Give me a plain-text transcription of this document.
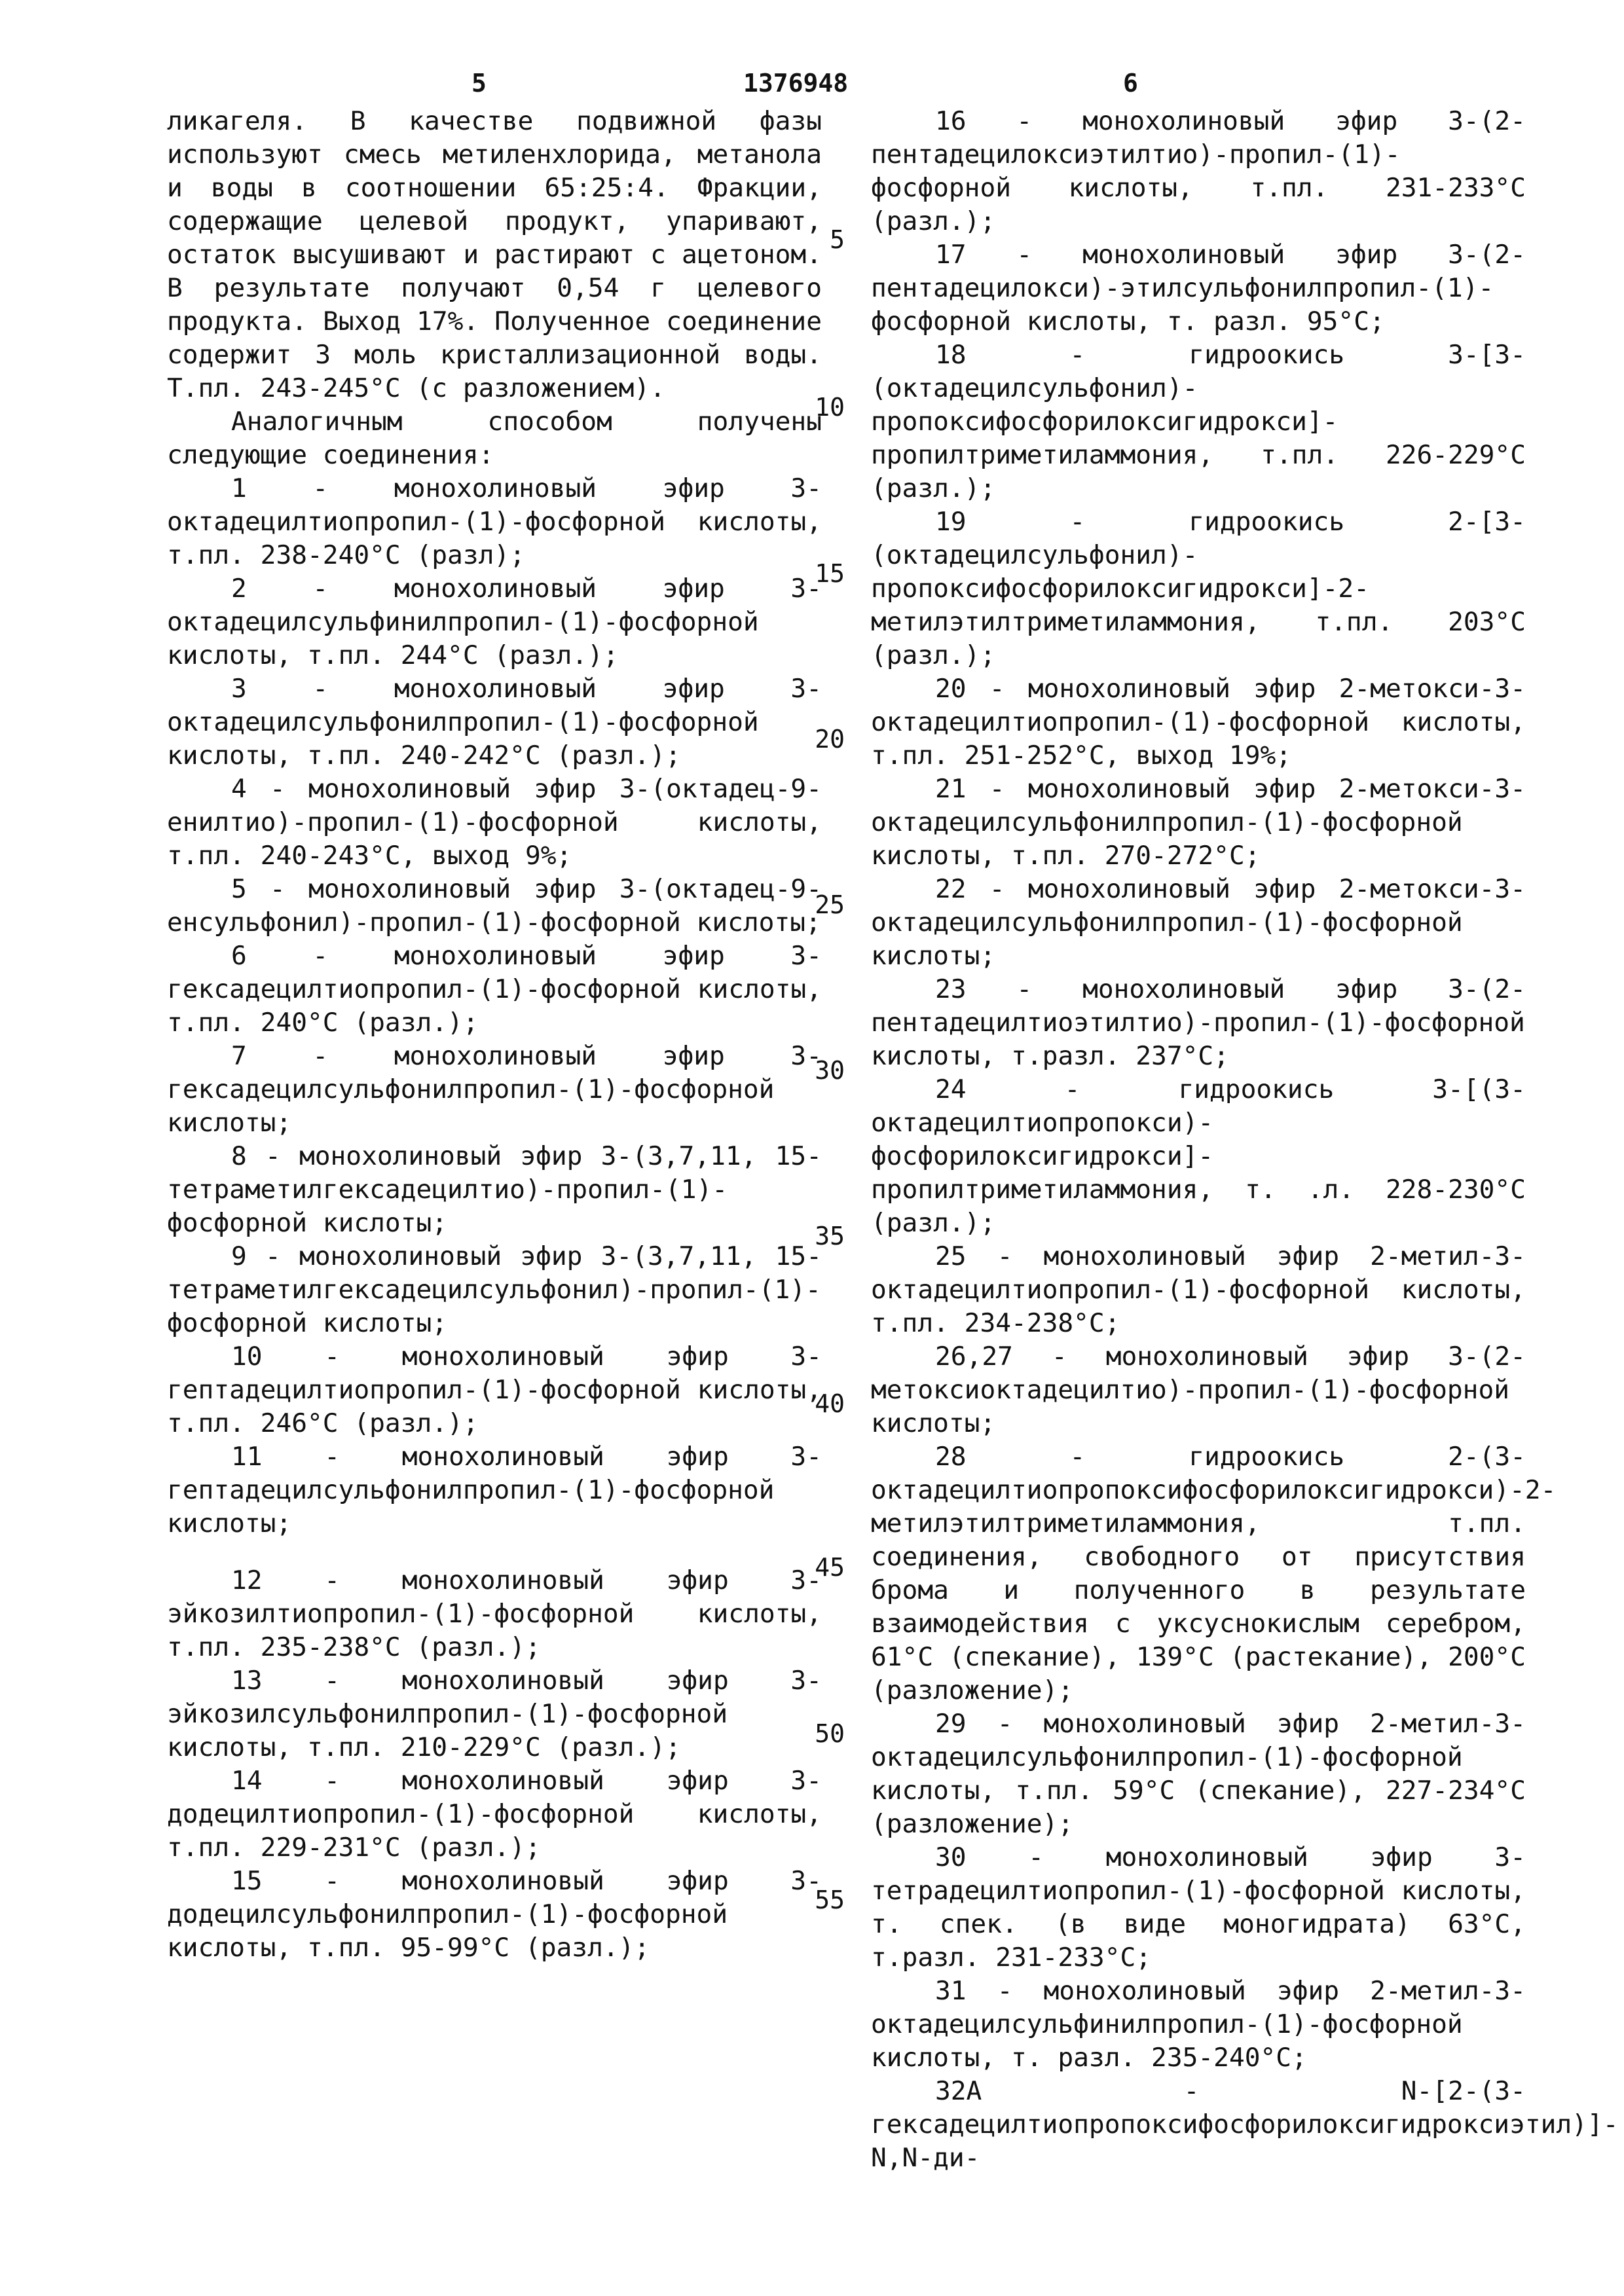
5	1376948	6

ликагеля. В качестве подвижной фазы используют смесь метиленхлорида, метанола и воды в соотношении 65:25:4. Фракции, содержащие целевой продукт, упаривают, остаток высушивают и растирают с ацетоном. В результате получают 0,54 г целевого продукта. Выход 17%. Полученное соединение содержит 3 моль кристаллизационной воды. Т.пл. 243-245°С (с разложением).

Аналогичным способом получены следующие соединения:

1 - монохолиновый эфир 3-октадецилтиопропил-(1)-фосфорной кислоты, т.пл. 238-240°С (разл);

2 - монохолиновый эфир 3-октадецилсульфинилпропил-(1)-фосфорной кислоты, т.пл. 244°С (разл.);

3 - монохолиновый эфир 3-октадецилсульфонилпропил-(1)-фосфорной кислоты, т.пл. 240-242°С (разл.);

4 - монохолиновый эфир 3-(октадец-9-енилтио)-пропил-(1)-фосфорной кислоты, т.пл. 240-243°С, выход 9%;

5 - монохолиновый эфир 3-(октадец-9-енсульфонил)-пропил-(1)-фосфорной кислоты;

6 - монохолиновый эфир 3-гексадецилтиопропил-(1)-фосфорной кислоты, т.пл. 240°С (разл.);

7 - монохолиновый эфир 3-гексадецилсульфонилпропил-(1)-фосфорной кислоты;

8 - монохолиновый эфир 3-(3,7,11, 15-тетраметилгексадецилтио)-пропил-(1)-фосфорной кислоты;

9 - монохолиновый эфир 3-(3,7,11, 15-тетраметилгексадецилсульфонил)-пропил-(1)-фосфорной кислоты;

10 - монохолиновый эфир 3-гептадецилтиопропил-(1)-фосфорной кислоты, т.пл. 246°С (разл.);

11 - монохолиновый эфир 3-гептадецилсульфонилпропил-(1)-фосфорной кислоты;

12 - монохолиновый эфир 3-эйкозилтиопропил-(1)-фосфорной кислоты, т.пл. 235-238°С (разл.);

13 - монохолиновый эфир 3-эйкозилсульфонилпропил-(1)-фосфорной кислоты, т.пл. 210-229°С (разл.);

14 - монохолиновый эфир 3-додецилтиопропил-(1)-фосфорной кислоты, т.пл. 229-231°С (разл.);

15 - монохолиновый эфир 3-додецилсульфонилпропил-(1)-фосфорной кислоты, т.пл. 95-99°С (разл.);

5
10
15
20
25
30
35
40
45
50
55

16 - монохолиновый эфир 3-(2-пентадецилоксиэтилтио)-пропил-(1)-фосфорной кислоты, т.пл. 231-233°С (разл.);

17 - монохолиновый эфир 3-(2-пентадецилокси)-этилсульфонилпропил-(1)-фосфорной кислоты, т. разл. 95°С;

18 - гидроокись 3-[3-(октадецилсульфонил)-пропоксифосфорилоксигидрокси]-пропилтриметиламмония, т.пл. 226-229°С (разл.);

19 - гидроокись 2-[3-(октадецилсульфонил)-пропоксифосфорилоксигидрокси]-2-метилэтилтриметиламмония, т.пл. 203°С (разл.);

20 - монохолиновый эфир 2-метокси-3-октадецилтиопропил-(1)-фосфорной кислоты, т.пл. 251-252°С, выход 19%;

21 - монохолиновый эфир 2-метокси-3-октадецилсульфонилпропил-(1)-фосфорной кислоты, т.пл. 270-272°С;

22 - монохолиновый эфир 2-метокси-3-октадецилсульфонилпропил-(1)-фосфорной кислоты;

23 - монохолиновый эфир 3-(2-пентадецилтиоэтилтио)-пропил-(1)-фосфорной кислоты, т.разл. 237°С;

24 - гидроокись 3-[(3-октадецилтиопропокси)-фосфорилоксигидрокси]-пропилтриметиламмония, т. .л. 228-230°С (разл.);

25 - монохолиновый эфир 2-метил-3-октадецилтиопропил-(1)-фосфорной кислоты, т.пл. 234-238°С;

26,27 - монохолиновый эфир 3-(2-метоксиоктадецилтио)-пропил-(1)-фосфорной кислоты;

28 - гидроокись 2-(3-октадецилтиопропоксифосфорилоксигидрокси)-2-метилэтилтриметиламмония, т.пл. соединения, свободного от присутствия брома и полученного в результате взаимодействия с уксуснокислым серебром, 61°С (спекание), 139°С (растекание), 200°С (разложение);

29 - монохолиновый эфир 2-метил-3-октадецилсульфонилпропил-(1)-фосфорной кислоты, т.пл. 59°С (спекание), 227-234°С (разложение);

30 - монохолиновый эфир 3-тетрадецилтиопропил-(1)-фосфорной кислоты, т. спек. (в виде моногидрата) 63°С, т.разл. 231-233°С;

31 - монохолиновый эфир 2-метил-3-октадецилсульфинилпропил-(1)-фосфорной кислоты, т. разл. 235-240°С;

32А - N-[2-(3-гексадецилтиопропоксифосфорилоксигидроксиэтил)]-N,N-ди-
